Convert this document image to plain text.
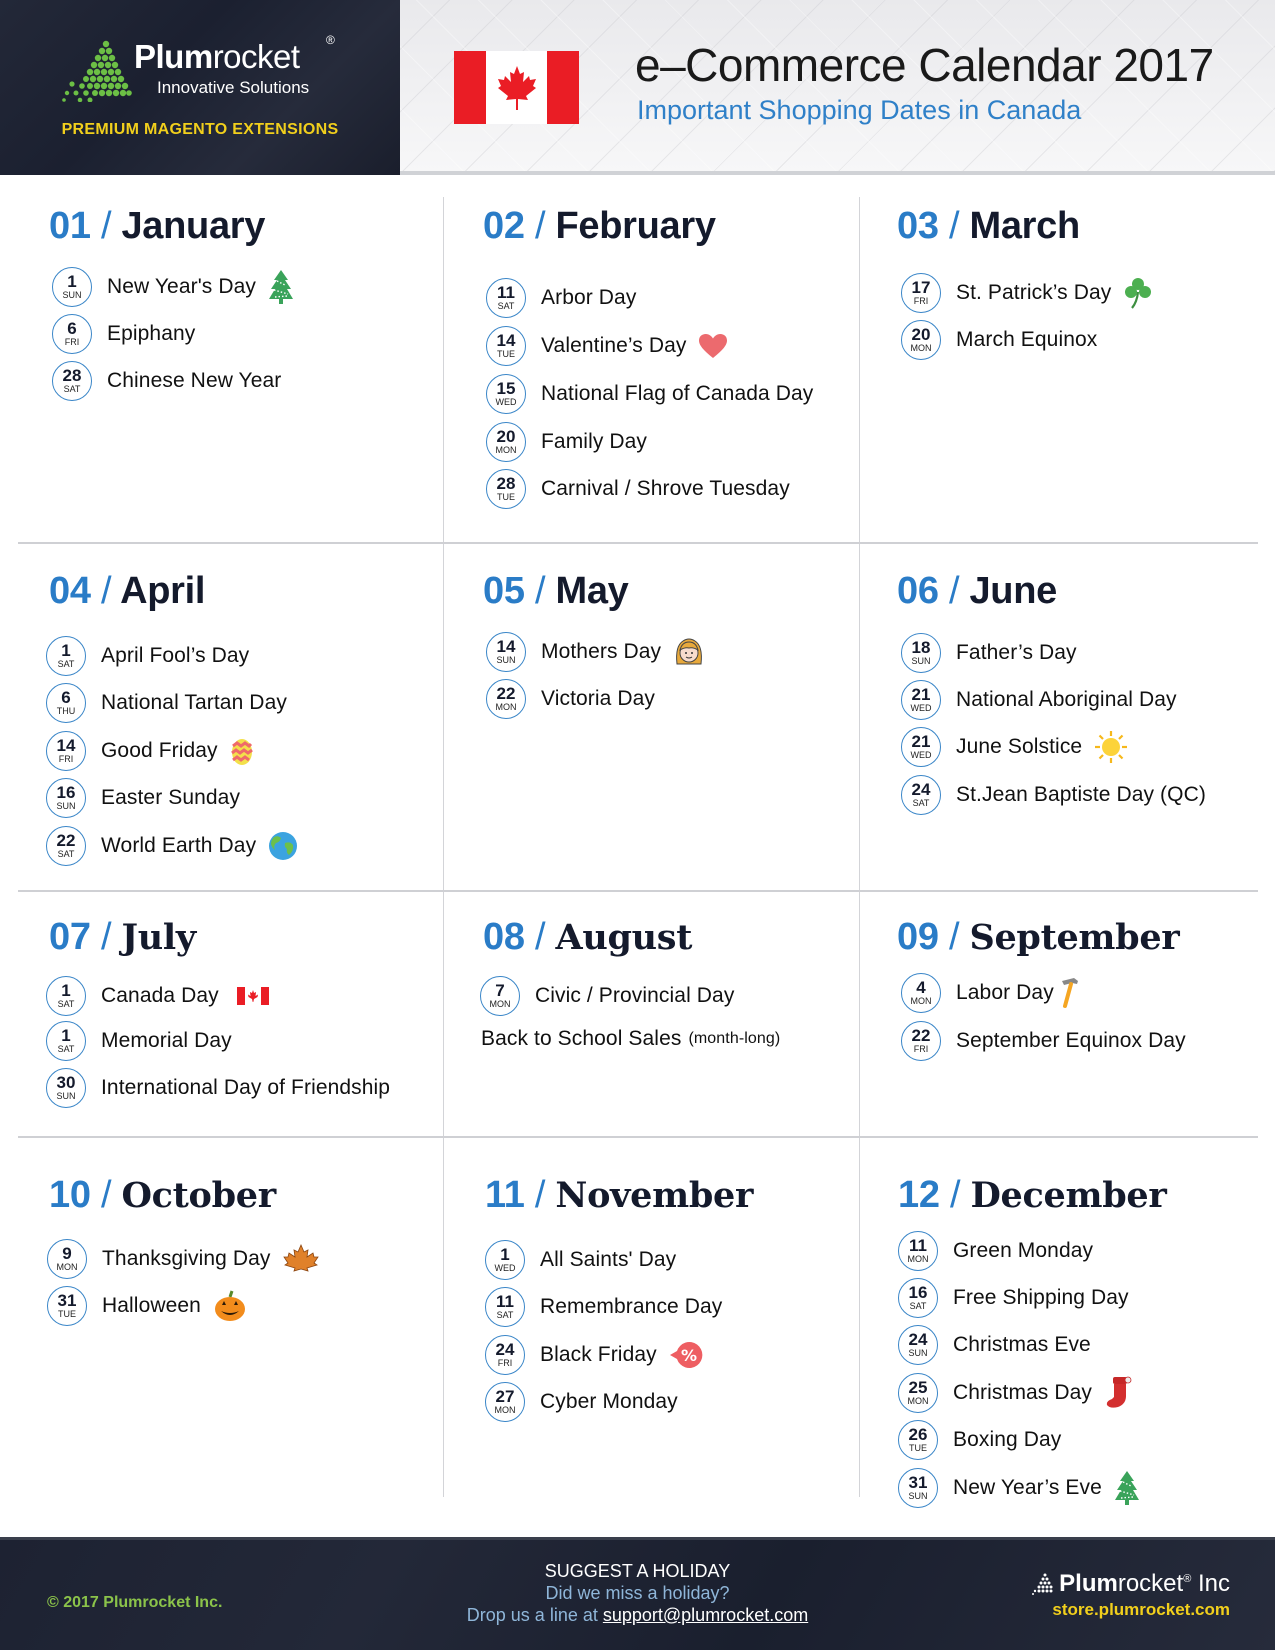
Plumrocket ®
Innovative Solutions
PREMIUM MAGENTO EXTENSIONS
e–Commerce Calendar 2017
Important Shopping Dates in Canada
01 / January
1
SUN New Year's Day
6
FRI Epiphany
28
SAT Chinese New Year
02 / February
11
SAT Arbor Day
14
TUE Valentine’s Day
15
WED National Flag of Canada Day
20
MON Family Day
28
TUE Carnival / Shrove Tuesday
03 / March
17
FRI St. Patrick’s Day
20
MON March Equinox
04 / April
1
SAT April Fool’s Day
6
THU National Tartan Day
14
FRI Good Friday
16
SUN Easter Sunday
22
SAT World Earth Day
05 / May
14
SUN Mothers Day
22
MON Victoria Day
06 / June
18
SUN Father’s Day
21
WED National Aboriginal Day
21
WED June Solstice
24
SAT St.Jean Baptiste Day (QC)
07 / July
1
SAT Canada Day
1
SAT Memorial Day
30
SUN International Day of Friendship
08 / August
7
MON Civic / Provincial Day
Back to School Sales (month-long)
09 / September
4
MON Labor Day
22
FRI September Equinox Day
10 / October
9
MON Thanksgiving Day
31
TUE Halloween
11 / November
1
WED All Saints' Day
11
SAT Remembrance Day
24
FRI Black Friday %
27
MON Cyber Monday
12 / December
11
MON Green Monday
16
SAT Free Shipping Day
24
SUN Christmas Eve
25
MON Christmas Day
26
TUE Boxing Day
31
SUN New Year’s Eve
© 2017 Plumrocket Inc.
SUGGEST A HOLIDAY
Did we miss a holiday?
Drop us a line at support@plumrocket.com
Plumrocket® Inc
store.plumrocket.com
